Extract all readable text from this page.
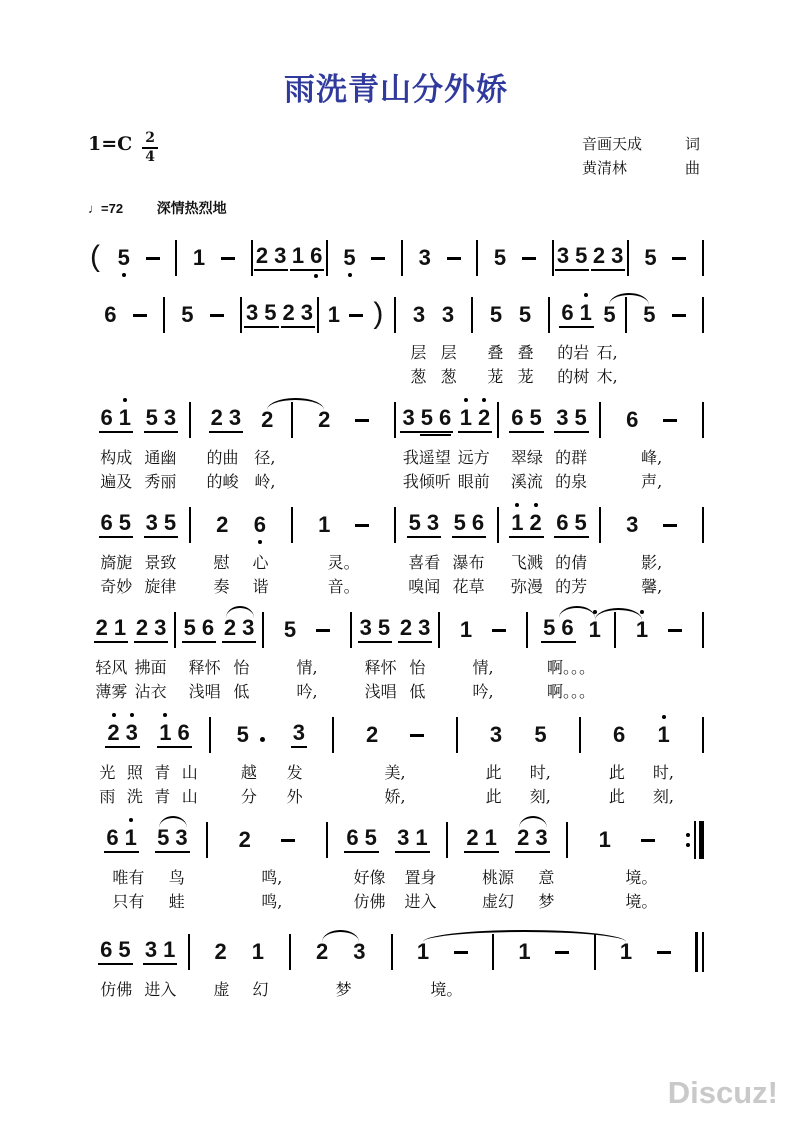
雨洗青山分外娇
$1=C \frac{2}{4}$	音画天成	词
黄清林	曲
♩=72 深情热烈地
( 5	1 2 3 1 6 5	3	5 3 5 2 3 5
6	5 3 5 2 3 1 ) 3 3 5 5 6 1 5 5
层 层 叠 叠 的岩 石,
葱 葱 茏 茏 的树 木,
6 1 5 3 2 3 2 2	3 5 6 1 2 6 5 3 5 6
构成 通幽 的曲 径,	我遥望 远方 翠绿 的群	峰,
遍及 秀丽 的峻 岭,	我倾听 眼前 溪流 的泉	声,
6 5 3 5 2 6 1	5 3 5 6 1 2 6 5 3
旖旎 景致 慰 心	灵。	喜看 瀑布 飞溅 的倩	影,
奇妙 旋律 奏 谐	音。	嗅闻 花草 弥漫 的芳	馨,
2 1 2 3 5 6 2 3 5	3 5 2 3 1	5 6 1 1
轻风 拂面 释怀 怡	情,	释怀 怡	情,	啊。。。
薄雾 沾衣 浅唱 低	吟,	浅唱 低	吟,	啊。。。
2 3 1 6 5 3	2	3 5	6 1
光 照 青 山	越 发	美,	此 时,	此 时,
雨 洗 青 山	分 外	娇,	此 刻,	此 刻,
6 1 5 3 2	6 5 3 1 2 1 2 3 1
唯有 鸟	鸣,	好像 置身	桃源 意	境。
只有 蛙	鸣,	仿佛 进入	虚幻 梦	境。
6 5 3 1 2 1 2 3 1	1	1
仿佛 进入 虚 幻	梦	境。
Discuz!
